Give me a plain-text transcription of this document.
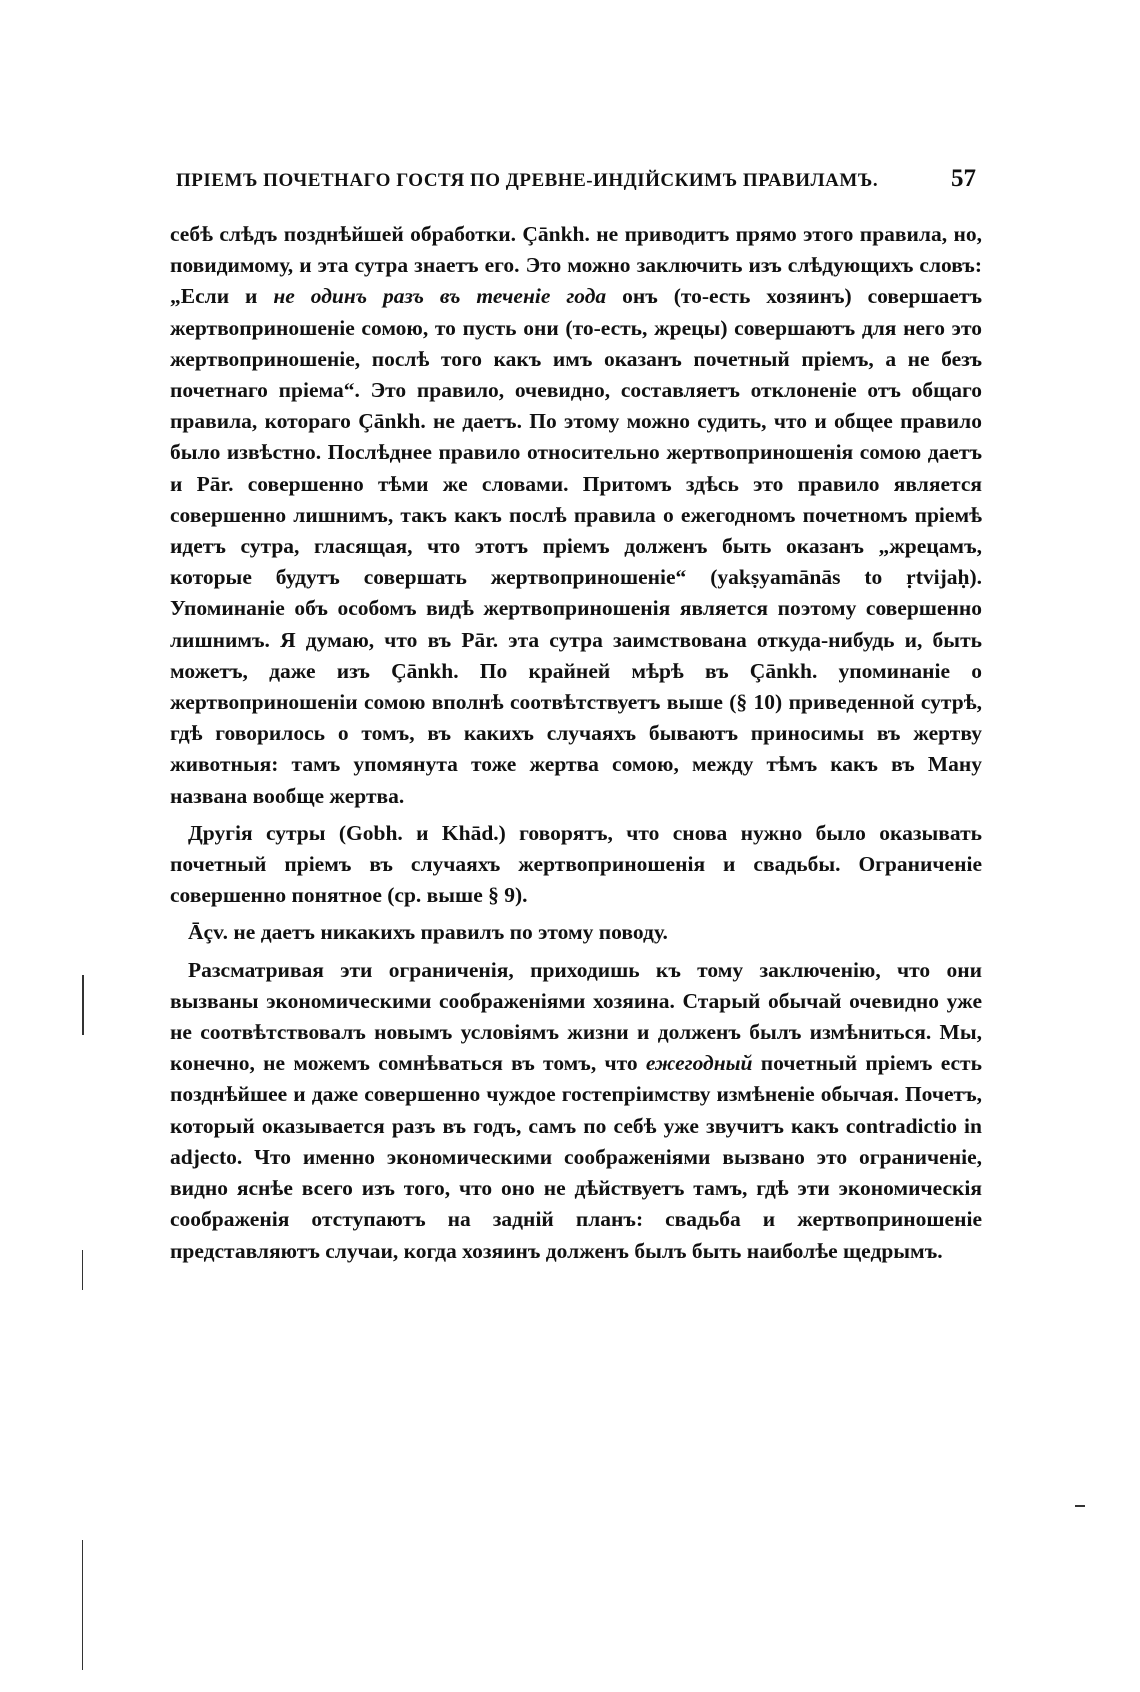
ПРІЕМЪ ПОЧЕТНАГО ГОСТЯ ПО ДРЕВНЕ-ИНДІЙСКИМЪ ПРАВИЛАМЪ.	57

себѣ слѣдъ позднѣйшей обработки. Çānkh. не приводитъ прямо этого правила, но, повидимому, и эта сутра знаетъ его. Это можно заключить изъ слѣдующихъ словъ: „Если и не одинъ разъ въ теченіе года онъ (то-есть хозяинъ) совершаетъ жертвоприношеніе сомою, то пусть они (то-есть, жрецы) совершаютъ для него это жертвоприношеніе, послѣ того какъ имъ оказанъ почетный пріемъ, а не безъ почетнаго пріема“. Это правило, очевидно, составляетъ отклоненіе отъ общаго правила, котораго Çānkh. не даетъ. По этому можно судить, что и общее правило было извѣстно. Послѣднее правило относительно жертвоприношенія сомою даетъ и Pār. совершенно тѣми же словами. Притомъ здѣсь это правило является совершенно лишнимъ, такъ какъ послѣ правила о ежегодномъ почетномъ пріемѣ идетъ сутра, гласящая, что этотъ пріемъ долженъ быть оказанъ „жрецамъ, которые будутъ совершать жертвоприношеніе“ (yakṣyamānās to ṛtvijaḥ). Упоминаніе объ особомъ видѣ жертвоприношенія является поэтому совершенно лишнимъ. Я думаю, что въ Pār. эта сутра заимствована откуда-нибудь и, быть можетъ, даже изъ Çānkh. По крайней мѣрѣ въ Çānkh. упоминаніе о жертвоприношеніи сомою вполнѣ соотвѣтствуетъ выше (§ 10) приведенной сутрѣ, гдѣ говорилось о томъ, въ какихъ случаяхъ бываютъ приносимы въ жертву животныя: тамъ упомянута тоже жертва сомою, между тѣмъ какъ въ Ману названа вообще жертва.

Другія сутры (Gobh. и Khād.) говорятъ, что снова нужно было оказывать почетный пріемъ въ случаяхъ жертвоприношенія и свадьбы. Ограниченіе совершенно понятное (ср. выше § 9).

Āçv. не даетъ никакихъ правилъ по этому поводу.

Разсматривая эти ограниченія, приходишь къ тому заключенію, что они вызваны экономическими соображеніями хозяина. Старый обычай очевидно уже не соотвѣтствовалъ новымъ условіямъ жизни и долженъ былъ измѣниться. Мы, конечно, не можемъ сомнѣваться въ томъ, что ежегодный почетный пріемъ есть позднѣйшее и даже совершенно чуждое гостепріимству измѣненіе обычая. Почетъ, который оказывается разъ въ годъ, самъ по себѣ уже звучитъ какъ contradictio in adjecto. Что именно экономическими соображеніями вызвано это ограниченіе, видно яснѣе всего изъ того, что оно не дѣйствуетъ тамъ, гдѣ эти экономическія соображенія отступаютъ на задній планъ: свадьба и жертвоприношеніе представляютъ случаи, когда хозяинъ долженъ былъ быть наиболѣе щедрымъ.
